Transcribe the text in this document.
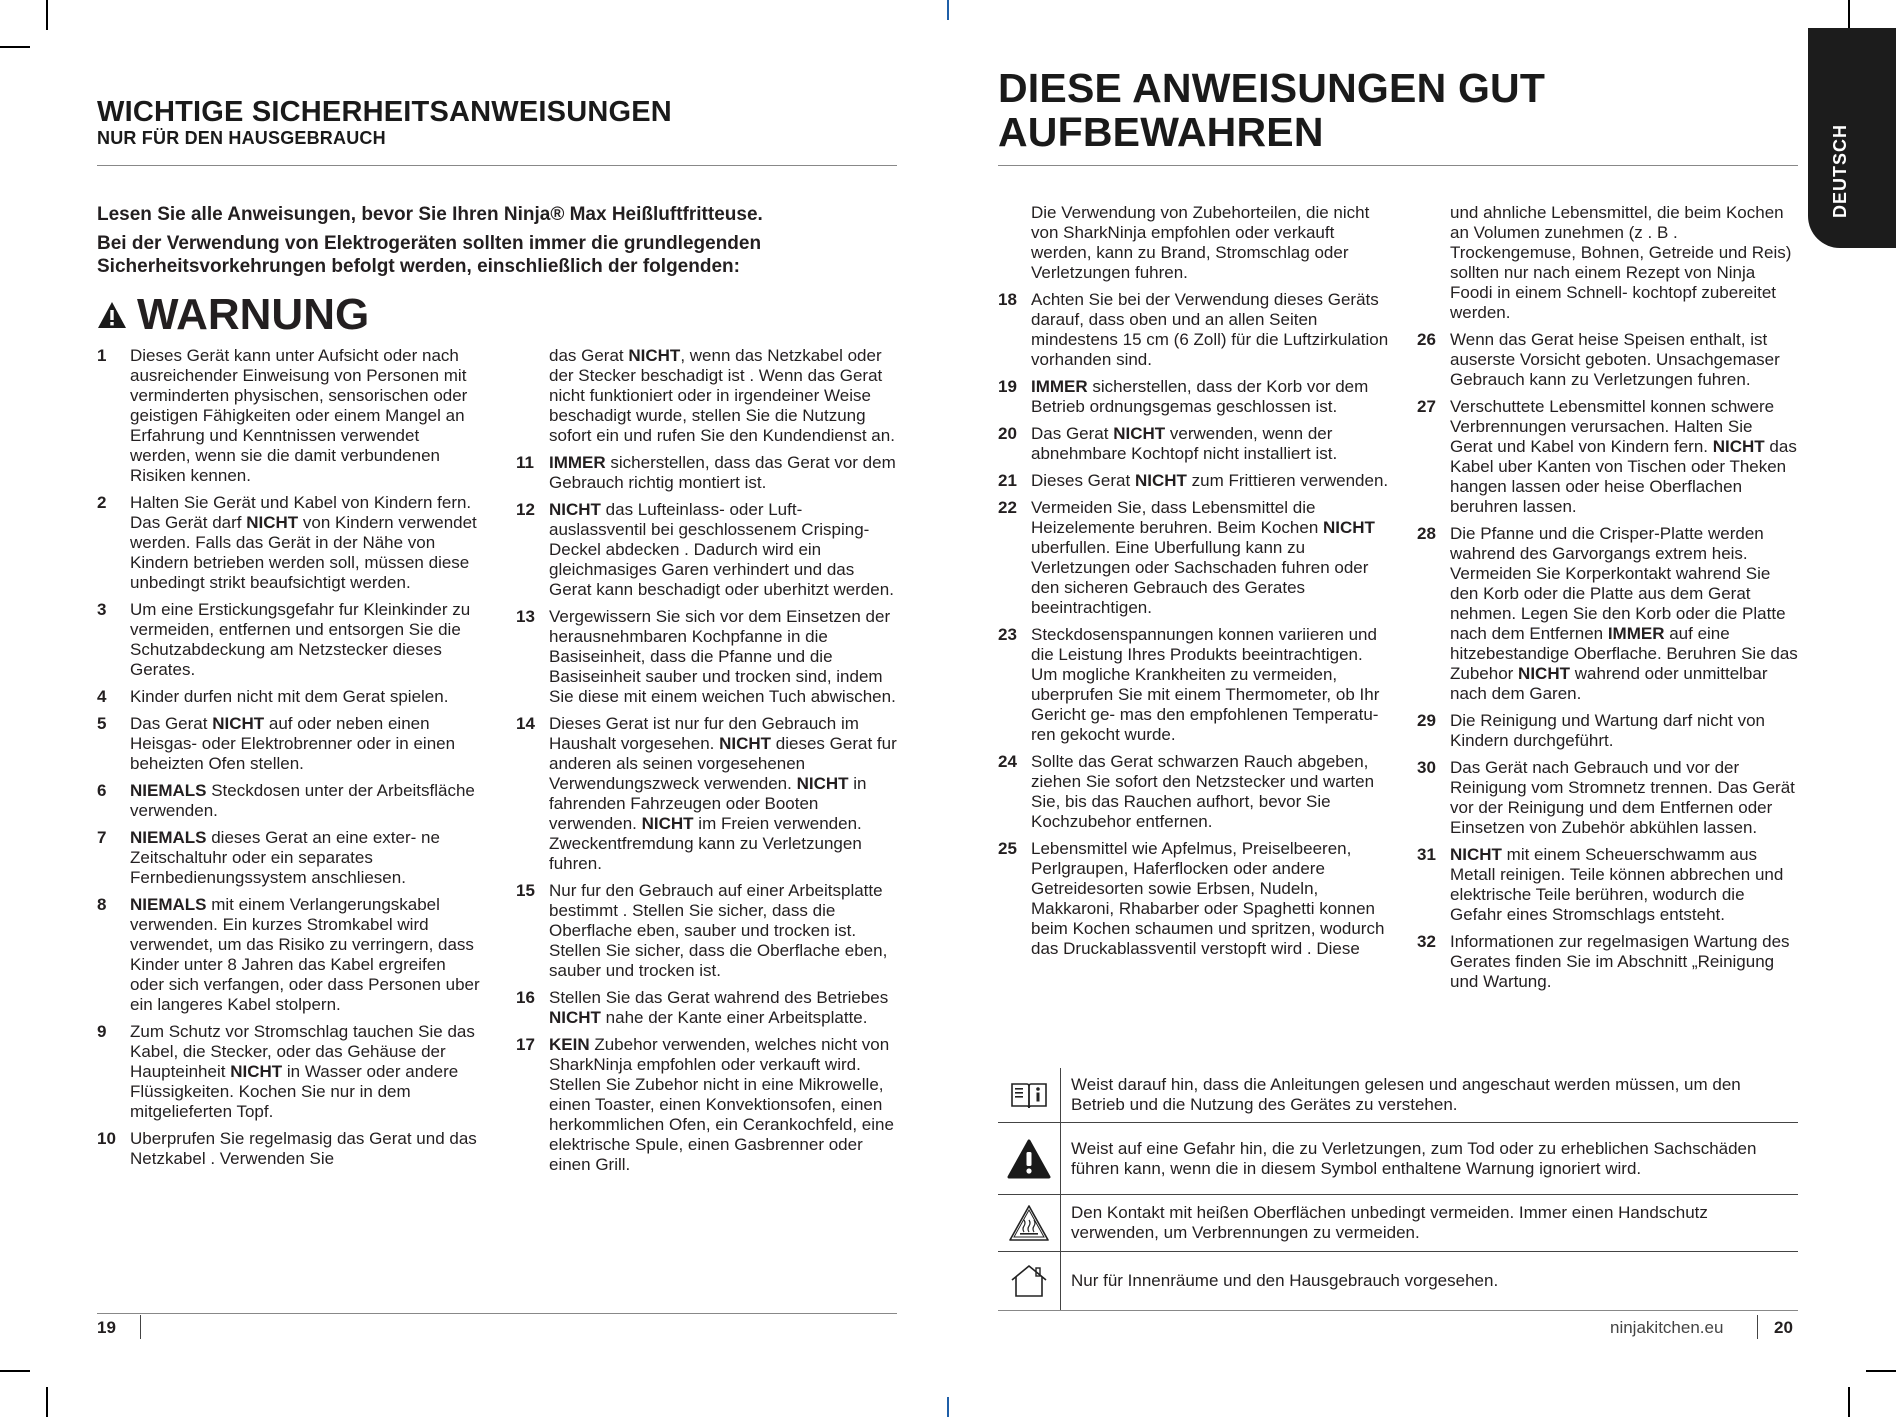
WICHTIGE SICHERHEITSANWEISUNGEN
NUR FÜR DEN HAUSGEBRAUCH
Lesen Sie alle Anweisungen, bevor Sie Ihren Ninja® Max Heißluftfritteuse.
Bei der Verwendung von Elektrogeräten sollten immer die grundlegenden Sicherheitsvorkehrungen befolgt werden, einschließlich der folgenden:
WARNUNG
1	Dieses Gerät kann unter Aufsicht oder nach ausreichender Einweisung von Personen mit verminderten physischen, sensorischen oder geistigen Fähigkeiten oder einem Mangel an Erfahrung und Kenntnissen verwendet werden, wenn sie die damit verbundenen Risiken kennen.
2	Halten Sie Gerät und Kabel von Kindern fern. Das Gerät darf NICHT von Kindern verwendet werden. Falls das Gerät in der Nähe von Kindern betrieben werden soll, müssen diese unbedingt strikt beaufsichtigt werden.
3	Um eine Erstickungsgefahr fur Kleinkinder zu vermeiden, entfernen und entsorgen Sie die Schutzabdeckung am Netzstecker dieses Gerates.
4	Kinder durfen nicht mit dem Gerat spielen.
5	Das Gerat NICHT auf oder neben einen Heisgas- oder Elektrobrenner oder in einen beheizten Ofen stellen.
6	NIEMALS Steckdosen unter der Arbeitsfläche verwenden.
7	NIEMALS dieses Gerat an eine exter- ne Zeitschaltuhr oder ein separates Fernbedienungssystem anschliesen.
8	NIEMALS mit einem Verlangerungskabel verwenden. Ein kurzes Stromkabel wird verwendet, um das Risiko zu verringern, dass Kinder unter 8 Jahren das Kabel ergreifen oder sich verfangen, oder dass Personen uber ein langeres Kabel stolpern.
9	Zum Schutz vor Stromschlag tauchen Sie das Kabel, die Stecker, oder das Gehäuse der Haupteinheit NICHT in Wasser oder andere Flüssigkeiten. Kochen Sie nur in dem mitgelieferten Topf.
10 Uberprufen Sie regelmasig das Gerat und das Netzkabel . Verwenden Sie
das Gerat NICHT, wenn das Netzkabel oder der Stecker beschadigt ist . Wenn das Gerat nicht funktioniert oder in irgendeiner Weise beschadigt wurde, stellen Sie die Nutzung sofort ein und rufen Sie den Kundendienst an.
11 IMMER sicherstellen, dass das Gerat vor dem Gebrauch richtig montiert ist.
12 NICHT das Lufteinlass- oder Luft- auslassventil bei geschlossenem Crisping-Deckel abdecken . Dadurch wird ein gleichmasiges Garen verhindert und das Gerat kann beschadigt oder uberhitzt werden.
13 Vergewissern Sie sich vor dem Einsetzen der herausnehmbaren Kochpfanne in die Basiseinheit, dass die Pfanne und die Basiseinheit sauber und trocken sind, indem Sie diese mit einem weichen Tuch abwischen.
14 Dieses Gerat ist nur fur den Gebrauch im Haushalt vorgesehen. NICHT dieses Gerat fur anderen als seinen vorgesehenen Verwendungszweck verwenden. NICHT in fahrenden Fahrzeugen oder Booten verwenden. NICHT im Freien verwenden. Zweckentfremdung kann zu Verletzungen fuhren.
15 Nur fur den Gebrauch auf einer Arbeitsplatte bestimmt . Stellen Sie sicher, dass die Oberflache eben, sauber und trocken ist. Stellen Sie sicher, dass die Oberflache eben, sauber und trocken ist.
16 Stellen Sie das Gerat wahrend des Betriebes NICHT nahe der Kante einer Arbeitsplatte.
17 KEIN Zubehor verwenden, welches nicht von SharkNinja empfohlen oder verkauft wird. Stellen Sie Zubehor nicht in eine Mikrowelle, einen Toaster, einen Konvektionsofen, einen herkommlichen Ofen, ein Cerankochfeld, eine elektrische Spule, einen Gasbrenner oder einen Grill.
19
DIESE ANWEISUNGEN GUT
AUFBEWAHREN
Die Verwendung von Zubehorteilen, die nicht von SharkNinja empfohlen oder verkauft werden, kann zu Brand, Stromschlag oder Verletzungen fuhren.
18 Achten Sie bei der Verwendung dieses Geräts darauf, dass oben und an allen Seiten mindestens 15 cm (6 Zoll) für die Luftzirkulation vorhanden sind.
19 IMMER sicherstellen, dass der Korb vor dem Betrieb ordnungsgemas geschlossen ist.
20 Das Gerat NICHT verwenden, wenn der abnehmbare Kochtopf nicht installiert ist.
21 Dieses Gerat NICHT zum Frittieren verwenden.
22 Vermeiden Sie, dass Lebensmittel die Heizelemente beruhren. Beim Kochen NICHT uberfullen. Eine Uberfullung kann zu Verletzungen oder Sachschaden fuhren oder den sicheren Gebrauch des Gerates beeintrachtigen.
23 Steckdosenspannungen konnen variieren und die Leistung Ihres Produkts beeintrachtigen. Um mogliche Krankheiten zu vermeiden, uberprufen Sie mit einem Thermometer, ob Ihr Gericht ge- mas den empfohlenen Temperatu- ren gekocht wurde.
24 Sollte das Gerat schwarzen Rauch abgeben, ziehen Sie sofort den Netzstecker und warten Sie, bis das Rauchen aufhort, bevor Sie Kochzubehor entfernen.
25 Lebensmittel wie Apfelmus, Preiselbeeren, Perlgraupen, Haferflocken oder andere Getreidesorten sowie Erbsen, Nudeln, Makkaroni, Rhabarber oder Spaghetti konnen beim Kochen schaumen und spritzen, wodurch das Druckablassventil verstopft wird . Diese
und ahnliche Lebensmittel, die beim Kochen an Volumen zunehmen (z . B . Trockengemuse, Bohnen, Getreide und Reis) sollten nur nach einem Rezept von Ninja Foodi in einem Schnell- kochtopf zubereitet werden.
26 Wenn das Gerat heise Speisen enthalt, ist auserste Vorsicht geboten. Unsachgemaser Gebrauch kann zu Verletzungen fuhren.
27 Verschuttete Lebensmittel konnen schwere Verbrennungen verursachen. Halten Sie Gerat und Kabel von Kindern fern. NICHT das Kabel uber Kanten von Tischen oder Theken hangen lassen oder heise Oberflachen beruhren lassen.
28 Die Pfanne und die Crisper-Platte werden wahrend des Garvorgangs extrem heis. Vermeiden Sie Korperkontakt wahrend Sie den Korb oder die Platte aus dem Gerat nehmen. Legen Sie den Korb oder die Platte nach dem Entfernen IMMER auf eine hitzebestandige Oberflache. Beruhren Sie das Zubehor NICHT wahrend oder unmittelbar nach dem Garen.
29 Die Reinigung und Wartung darf nicht von Kindern durchgeführt.
30 Das Gerät nach Gebrauch und vor der Reinigung vom Stromnetz trennen. Das Gerät vor der Reinigung und dem Entfernen oder Einsetzen von Zubehör abkühlen lassen.
31 NICHT mit einem Scheuerschwamm aus Metall reinigen. Teile können abbrechen und elektrische Teile berühren, wodurch die Gefahr eines Stromschlags entsteht.
32 Informationen zur regelmasigen Wartung des Gerates finden Sie im Abschnitt „Reinigung und Wartung.
Weist darauf hin, dass die Anleitungen gelesen und angeschaut werden müssen, um den Betrieb und die Nutzung des Gerätes zu verstehen.
Weist auf eine Gefahr hin, die zu Verletzungen, zum Tod oder zu erheblichen Sachschäden führen kann, wenn die in diesem Symbol enthaltene Warnung ignoriert wird.
Den Kontakt mit heißen Oberflächen unbedingt vermeiden. Immer einen Handschutz verwenden, um Verbrennungen zu vermeiden.
Nur für Innenräume und den Hausgebrauch vorgesehen.
ninjakitchen.eu	20
DEUTSCH
